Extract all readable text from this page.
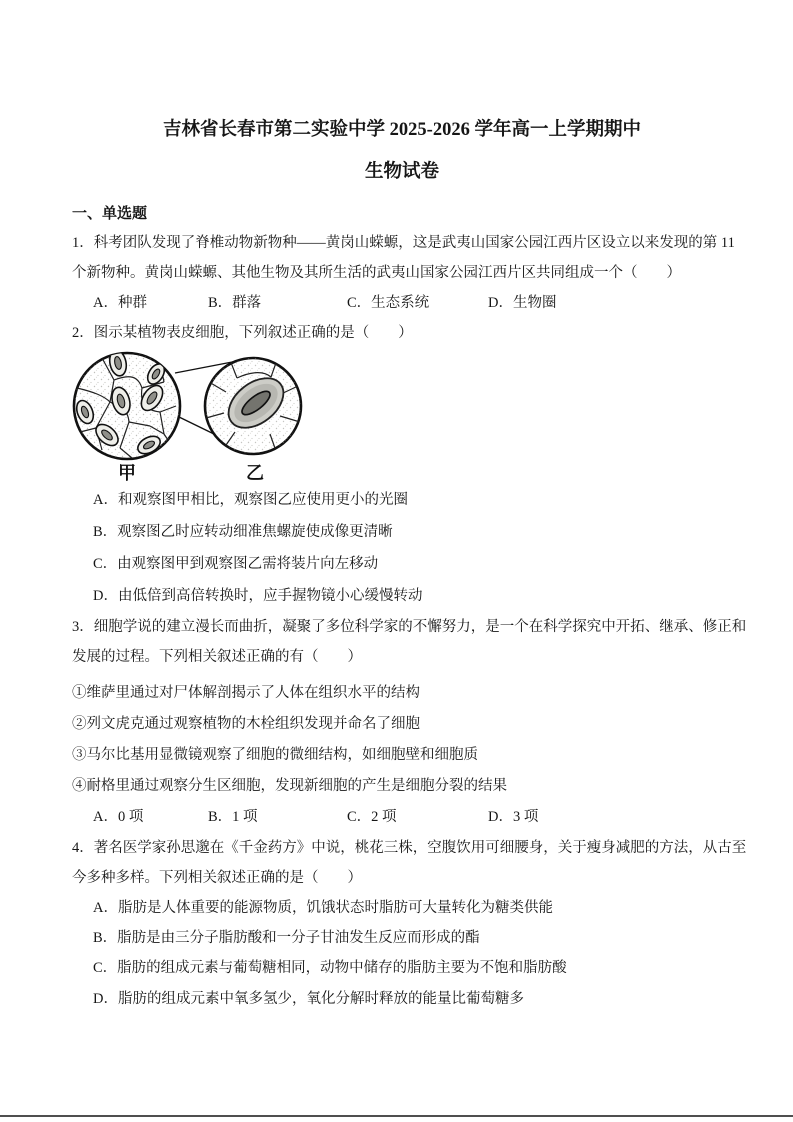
吉林省长春市第二实验中学 2025-2026 学年高一上学期期中
生物试卷
一、单选题
1．科考团队发现了脊椎动物新物种——黄岗山蝾螈，这是武夷山国家公园江西片区设立以来发现的第 11
个新物种。黄岗山蝾螈、其他生物及其所生活的武夷山国家公园江西片区共同组成一个（　　）
A．种群	B．群落	C．生态系统	D．生物圈
2．图示某植物表皮细胞，下列叙述正确的是（　　）
甲	乙
A．和观察图甲相比，观察图乙应使用更小的光圈
B．观察图乙时应转动细准焦螺旋使成像更清晰
C．由观察图甲到观察图乙需将装片向左移动
D．由低倍到高倍转换时，应手握物镜小心缓慢转动
3．细胞学说的建立漫长而曲折，凝聚了多位科学家的不懈努力，是一个在科学探究中开拓、继承、修正和
发展的过程。下列相关叙述正确的有（　　）
①维萨里通过对尸体解剖揭示了人体在组织水平的结构
②列文虎克通过观察植物的木栓组织发现并命名了细胞
③马尔比基用显微镜观察了细胞的微细结构，如细胞壁和细胞质
④耐格里通过观察分生区细胞，发现新细胞的产生是细胞分裂的结果
A．0 项	B．1 项	C．2 项	D．3 项
4．著名医学家孙思邈在《千金药方》中说，桃花三株，空腹饮用可细腰身，关于瘦身减肥的方法，从古至
今多种多样。下列相关叙述正确的是（　　）
A．脂肪是人体重要的能源物质，饥饿状态时脂肪可大量转化为糖类供能
B．脂肪是由三分子脂肪酸和一分子甘油发生反应而形成的酯
C．脂肪的组成元素与葡萄糖相同，动物中储存的脂肪主要为不饱和脂肪酸
D．脂肪的组成元素中氧多氢少，氧化分解时释放的能量比葡萄糖多
